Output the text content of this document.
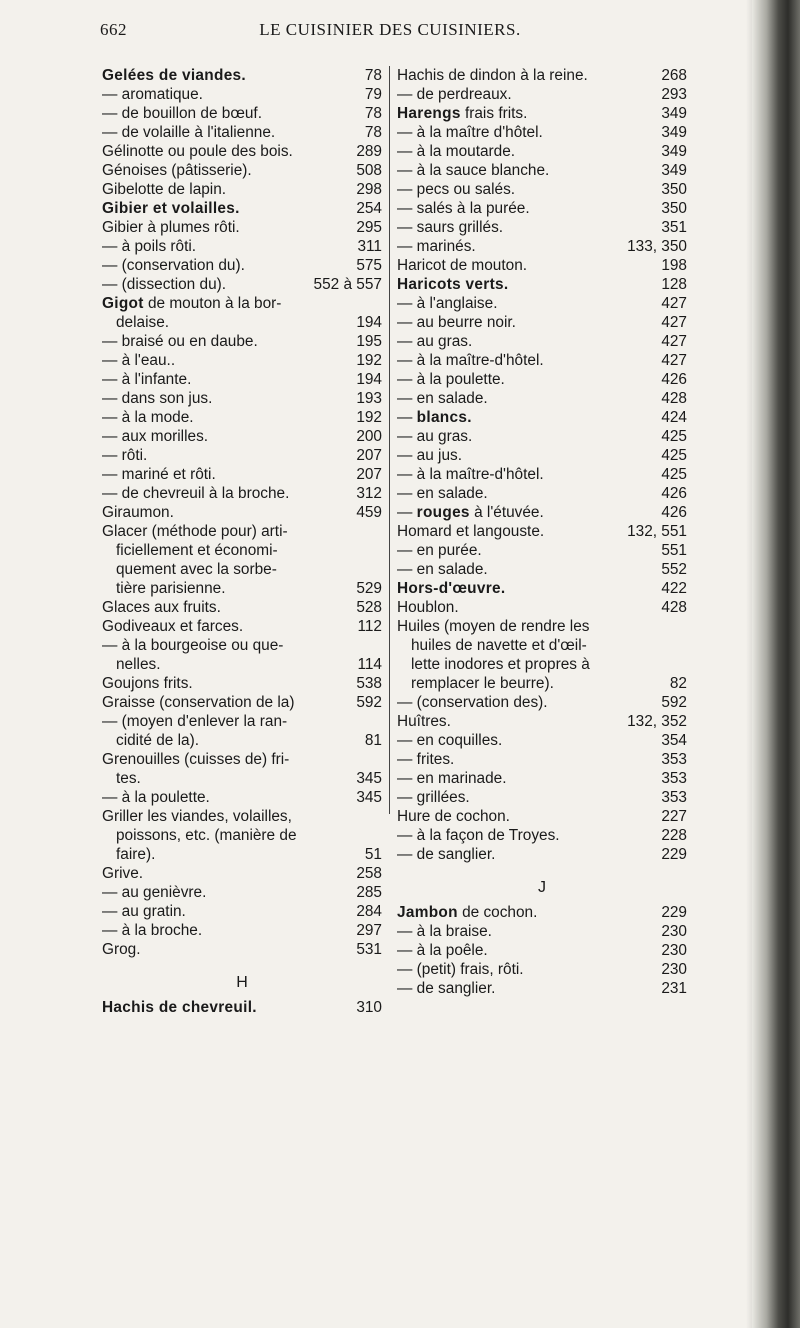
662	LE CUISINIER DES CUISINIERS.
Gelées de viandes.	78
— aromatique.	79
— de bouillon de bœuf.	78
— de volaille à l'italienne.	78
Gélinotte ou poule des bois.	289
Génoises (pâtisserie).	508
Gibelotte de lapin.	298
Gibier et volailles.	254
Gibier à plumes rôti.	295
— à poils rôti.	311
— (conservation du).	575
— (dissection du).	552 à 557
Gigot de mouton à la bor-
delaise.	194
— braisé ou en daube.	195
— à l'eau..	192
— à l'infante.	194
— dans son jus.	193
— à la mode.	192
— aux morilles.	200
— rôti.	207
— mariné et rôti.	207
— de chevreuil à la broche.	312
Giraumon.	459
Glacer (méthode pour) arti-
ficiellement et économi-
quement avec la sorbe-
tière parisienne.	529
Glaces aux fruits.	528
Godiveaux et farces.	112
— à la bourgeoise ou que-
nelles.	114
Goujons frits.	538
Graisse (conservation de la)	592
— (moyen d'enlever la ran-
cidité de la).	81
Grenouilles (cuisses de) fri-
tes.	345
— à la poulette.	345
Griller les viandes, volailles,
poissons, etc. (manière de
faire).	51
Grive.	258
— au genièvre.	285
— au gratin.	284
— à la broche.	297
Grog.	531
H
Hachis de chevreuil.	310
Hachis de dindon à la reine.	268
— de perdreaux.	293
Harengs frais frits.	349
— à la maître d'hôtel.	349
— à la moutarde.	349
— à la sauce blanche.	349
— pecs ou salés.	350
— salés à la purée.	350
— saurs grillés.	351
— marinés.	133, 350
Haricot de mouton.	198
Haricots verts.	128
— à l'anglaise.	427
— au beurre noir.	427
— au gras.	427
— à la maître-d'hôtel.	427
— à la poulette.	426
— en salade.	428
— blancs.	424
— au gras.	425
— au jus.	425
— à la maître-d'hôtel.	425
— en salade.	426
— rouges à l'étuvée.	426
Homard et langouste.	132, 551
— en purée.	551
— en salade.	552
Hors-d'œuvre.	422
Houblon.	428
Huiles (moyen de rendre les
huiles de navette et d'œil-
lette inodores et propres à
remplacer le beurre).	82
— (conservation des).	592
Huîtres.	132, 352
— en coquilles.	354
— frites.	353
— en marinade.	353
— grillées.	353
Hure de cochon.	227
— à la façon de Troyes.	228
— de sanglier.	229
J
Jambon de cochon.	229
— à la braise.	230
— à la poêle.	230
— (petit) frais, rôti.	230
— de sanglier.	231
